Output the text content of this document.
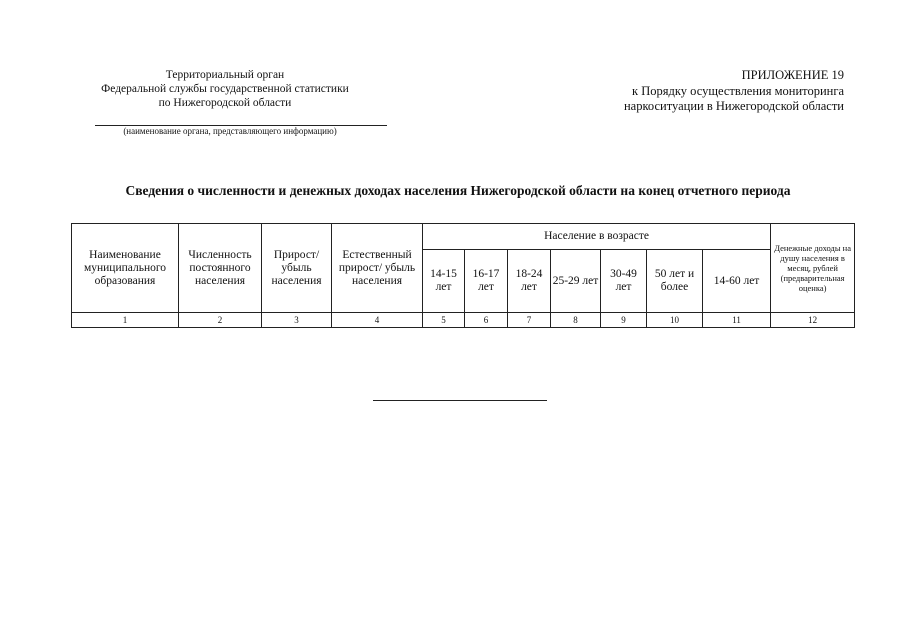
Территориальный орган
Федеральной службы государственной статистики
по Нижегородской области
(наименование органа, представляющего информацию)
ПРИЛОЖЕНИЕ 19
к Порядку осуществления мониторинга
наркоситуации в Нижегородской области
Сведения о численности и денежных доходах населения Нижегородской области на конец отчетного периода
Наименование муниципального образования	Численность постоянного населения	Прирост/ убыль населения	Естественный прирост/ убыль населения	Население в возрасте							Денежные доходы на душу населения в месяц, рублей (предварительная оценка)
				14-15 лет	16-17 лет	18-24 лет	25-29 лет	30-49 лет	50 лет и более	14-60 лет	
1	2	3	4	5	6	7	8	9	10	11	12
